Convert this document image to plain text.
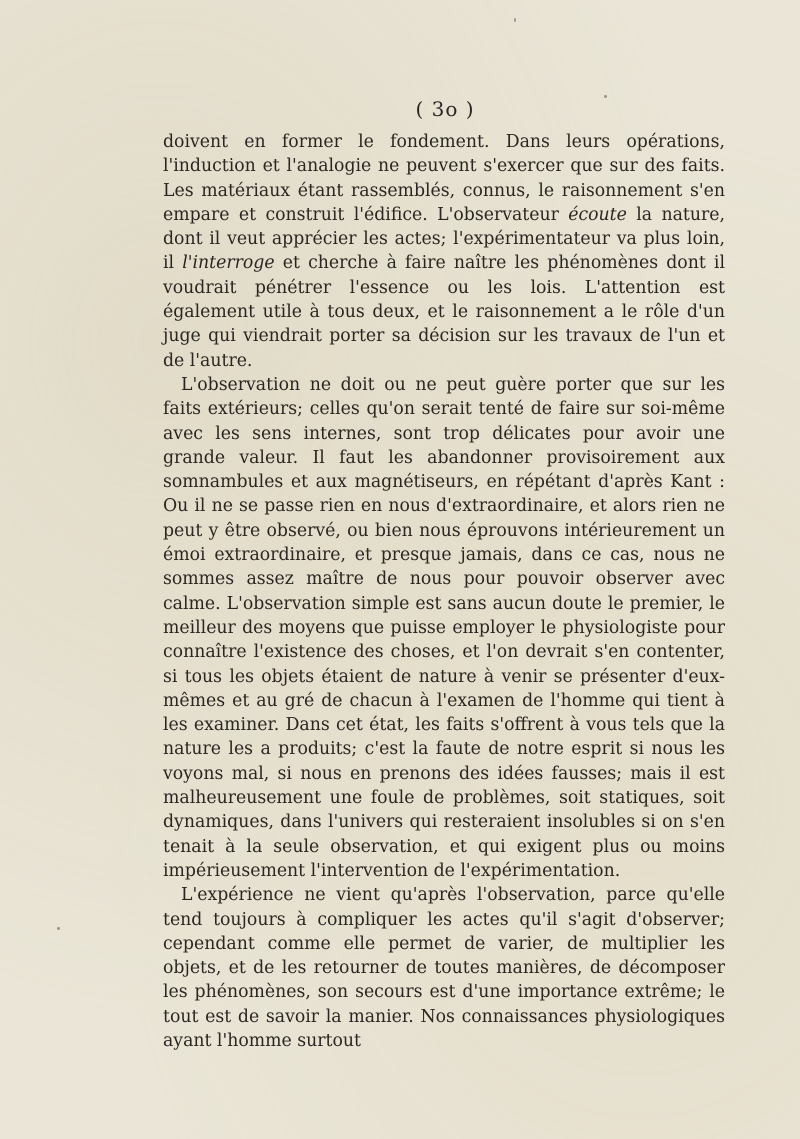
( 3o )

doivent en former le fondement. Dans leurs opérations, l'induction et l'analogie ne peuvent s'exercer que sur des faits. Les matériaux étant rassemblés, connus, le raisonnement s'en empare et construit l'édifice. L'observateur écoute la nature, dont il veut apprécier les actes; l'expérimentateur va plus loin, il l'interroge et cherche à faire naître les phénomènes dont il voudrait pénétrer l'essence ou les lois. L'attention est également utile à tous deux, et le raisonnement a le rôle d'un juge qui viendrait porter sa décision sur les travaux de l'un et de l'autre.

L'observation ne doit ou ne peut guère porter que sur les faits extérieurs; celles qu'on serait tenté de faire sur soi-même avec les sens internes, sont trop délicates pour avoir une grande valeur. Il faut les abandonner provisoirement aux somnambules et aux magnétiseurs, en répétant d'après Kant : Ou il ne se passe rien en nous d'extraordinaire, et alors rien ne peut y être observé, ou bien nous éprouvons intérieurement un émoi extraordinaire, et presque jamais, dans ce cas, nous ne sommes assez maître de nous pour pouvoir observer avec calme. L'observation simple est sans aucun doute le premier, le meilleur des moyens que puisse employer le physiologiste pour connaître l'existence des choses, et l'on devrait s'en contenter, si tous les objets étaient de nature à venir se présenter d'eux-mêmes et au gré de chacun à l'examen de l'homme qui tient à les examiner. Dans cet état, les faits s'offrent à vous tels que la nature les a produits; c'est la faute de notre esprit si nous les voyons mal, si nous en prenons des idées fausses; mais il est malheureusement une foule de problèmes, soit statiques, soit dynamiques, dans l'univers qui resteraient insolubles si on s'en tenait à la seule observation, et qui exigent plus ou moins impérieusement l'intervention de l'expérimentation.

L'expérience ne vient qu'après l'observation, parce qu'elle tend toujours à compliquer les actes qu'il s'agit d'observer; cependant comme elle permet de varier, de multiplier les objets, et de les retourner de toutes manières, de décomposer les phénomènes, son secours est d'une importance extrême; le tout est de savoir la manier. Nos connaissances physiologiques ayant l'homme surtout
